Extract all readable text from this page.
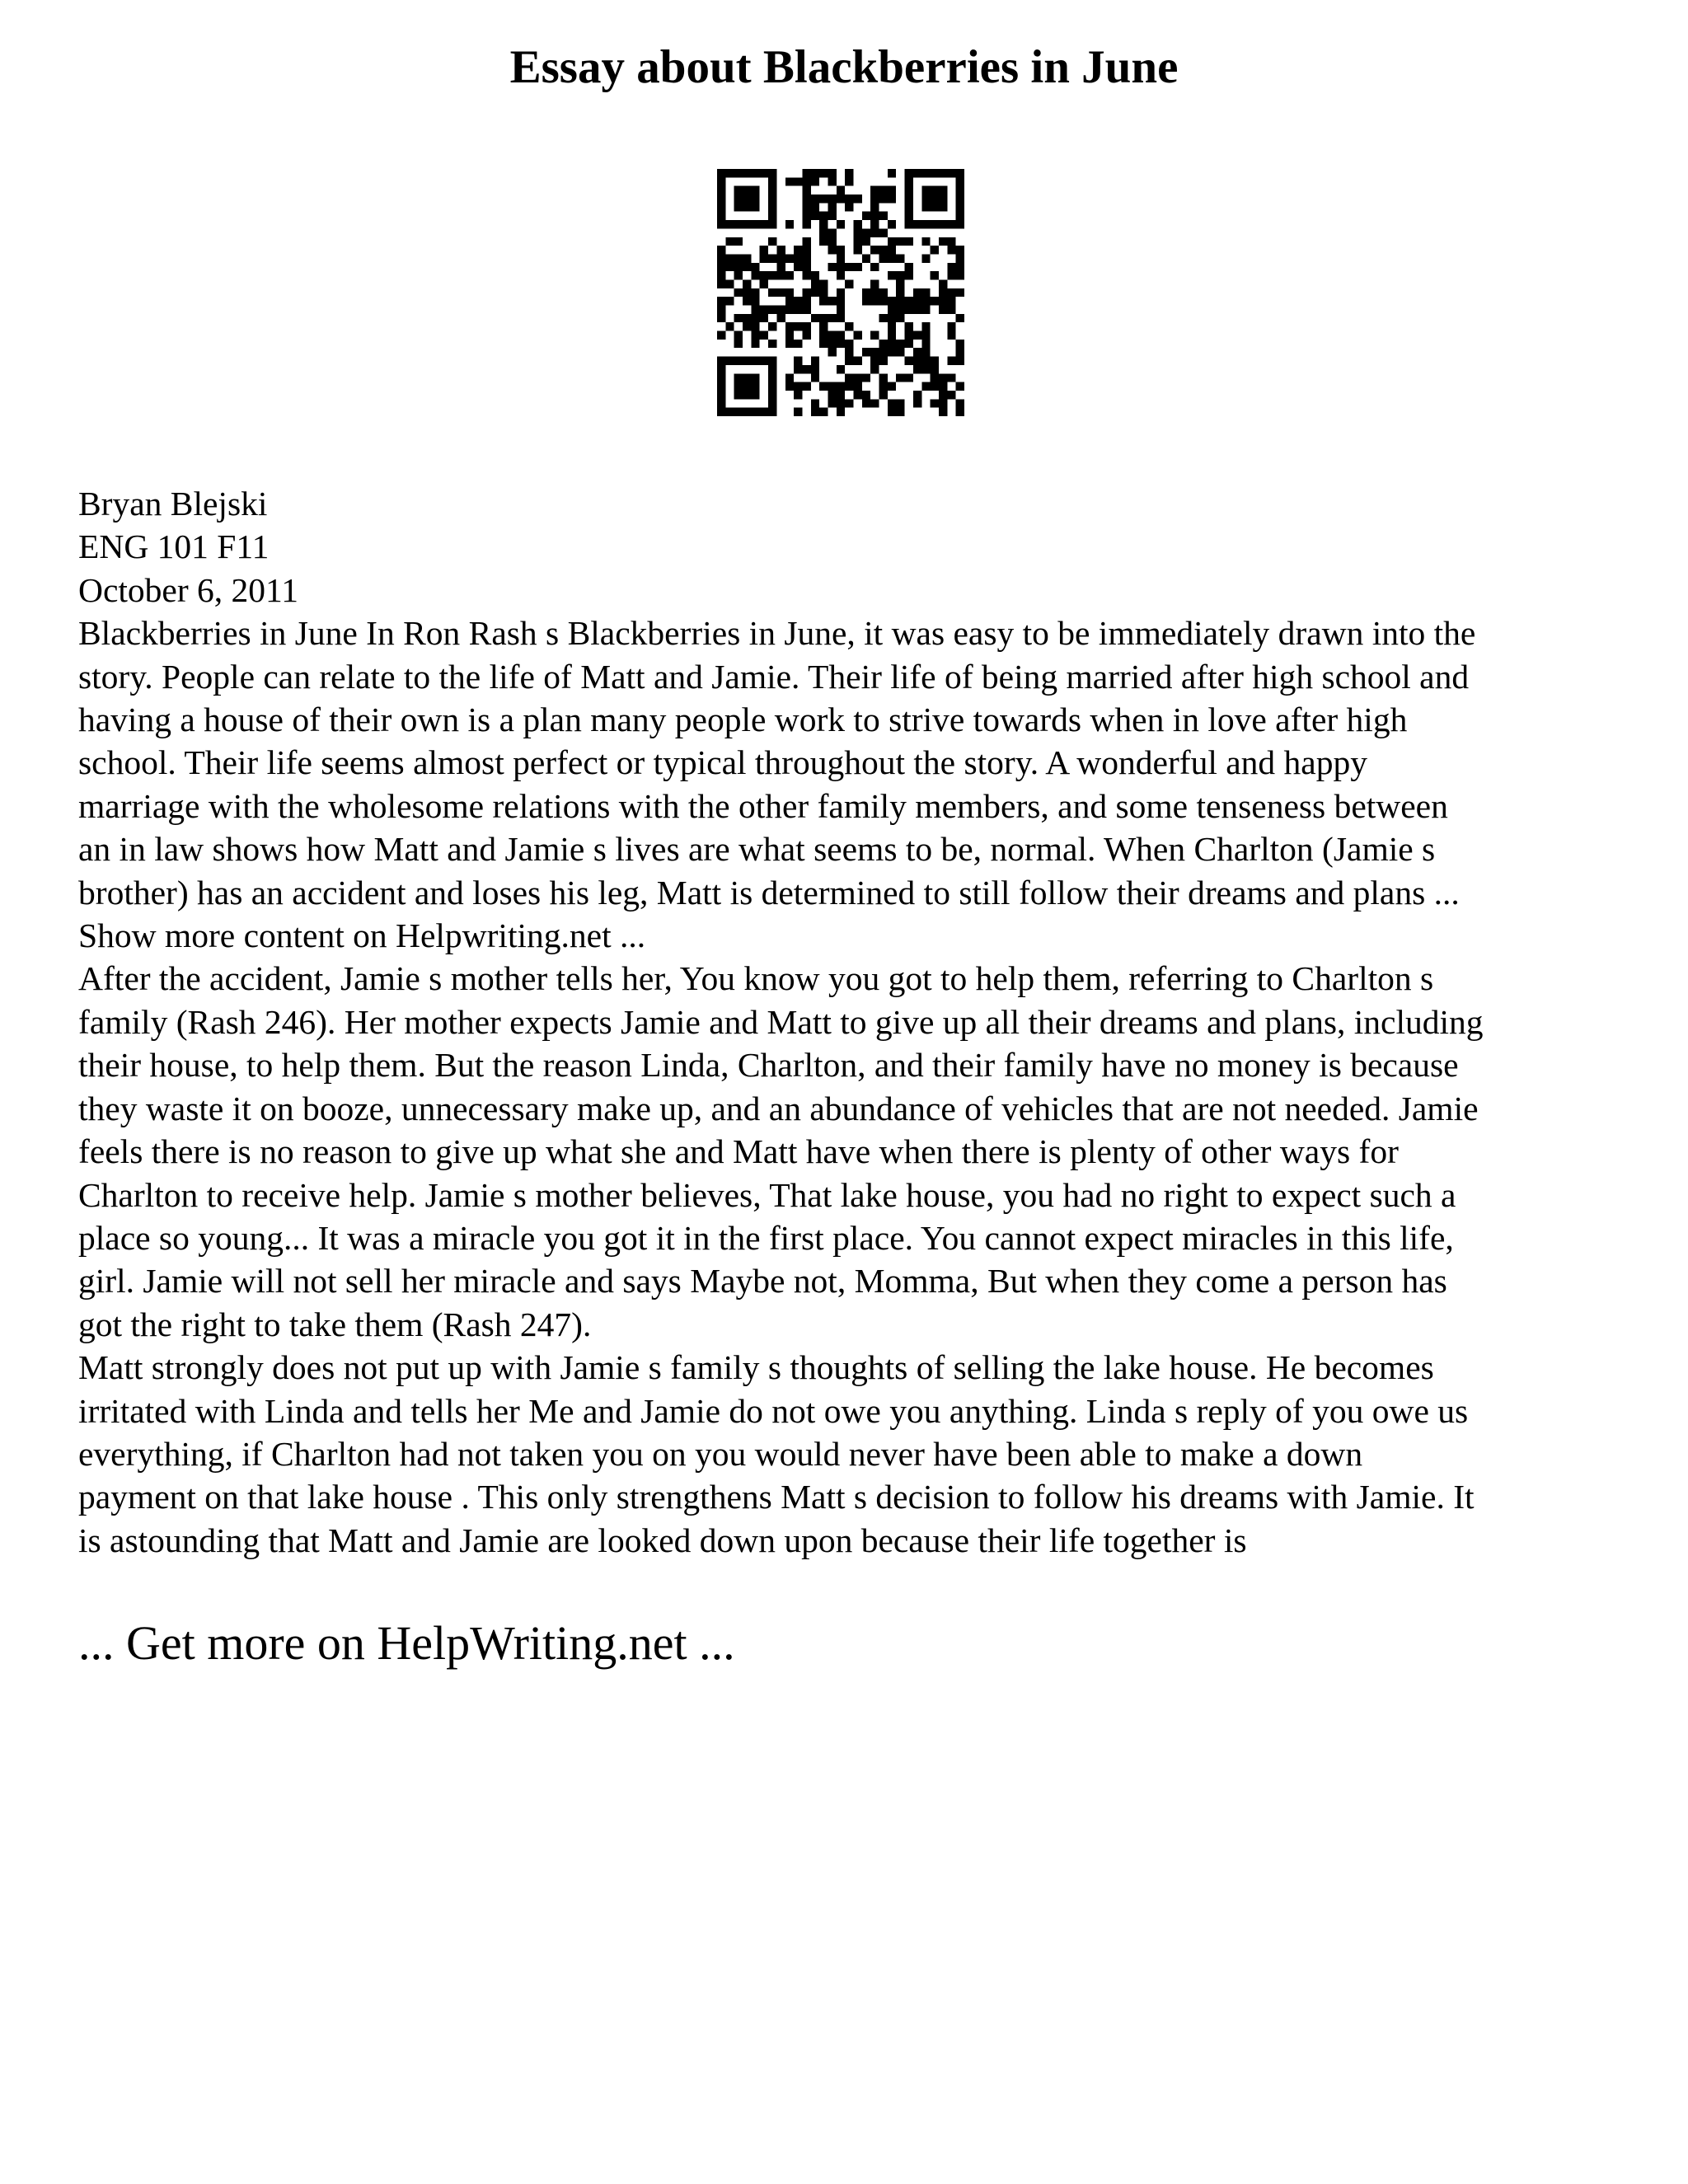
Essay about Blackberries in June
Bryan Blejski
ENG 101 F11
October 6, 2011
Blackberries in June In Ron Rash s Blackberries in June, it was easy to be immediately drawn into the
story. People can relate to the life of Matt and Jamie. Their life of being married after high school and
having a house of their own is a plan many people work to strive towards when in love after high
school. Their life seems almost perfect or typical throughout the story. A wonderful and happy
marriage with the wholesome relations with the other family members, and some tenseness between
an in law shows how Matt and Jamie s lives are what seems to be, normal. When Charlton (Jamie s
brother) has an accident and loses his leg, Matt is determined to still follow their dreams and plans ...
Show more content on Helpwriting.net ...
After the accident, Jamie s mother tells her, You know you got to help them, referring to Charlton s
family (Rash 246). Her mother expects Jamie and Matt to give up all their dreams and plans, including
their house, to help them. But the reason Linda, Charlton, and their family have no money is because
they waste it on booze, unnecessary make up, and an abundance of vehicles that are not needed. Jamie
feels there is no reason to give up what she and Matt have when there is plenty of other ways for
Charlton to receive help. Jamie s mother believes, That lake house, you had no right to expect such a
place so young... It was a miracle you got it in the first place. You cannot expect miracles in this life,
girl. Jamie will not sell her miracle and says Maybe not, Momma, But when they come a person has
got the right to take them (Rash 247).
Matt strongly does not put up with Jamie s family s thoughts of selling the lake house. He becomes
irritated with Linda and tells her Me and Jamie do not owe you anything. Linda s reply of you owe us
everything, if Charlton had not taken you on you would never have been able to make a down
payment on that lake house . This only strengthens Matt s decision to follow his dreams with Jamie. It
is astounding that Matt and Jamie are looked down upon because their life together is
... Get more on HelpWriting.net ...
